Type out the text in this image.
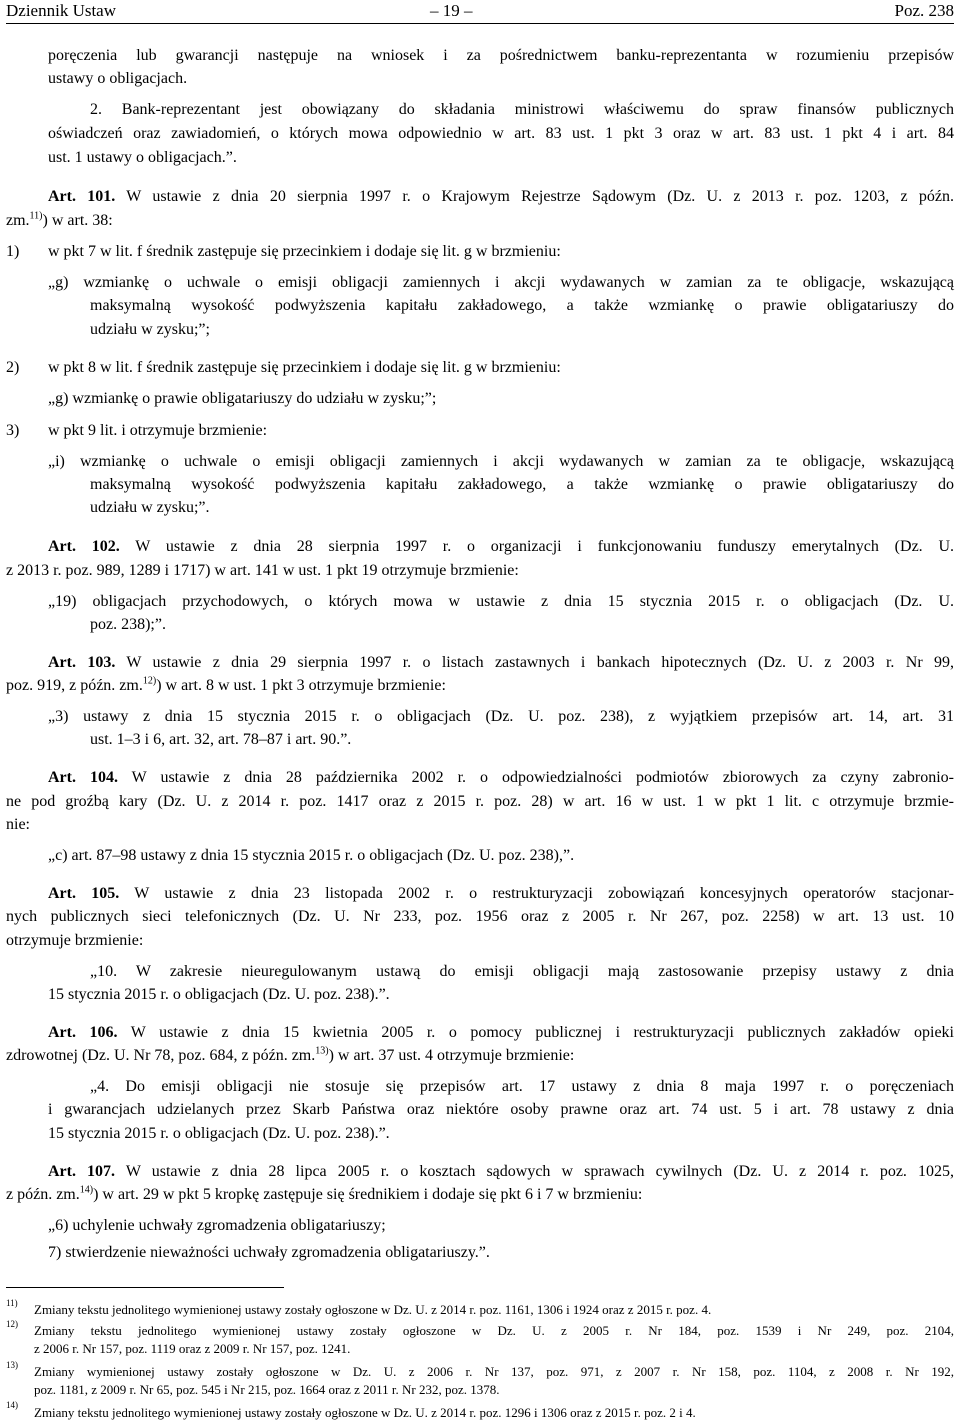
Dziennik Ustaw	– 19 –	Poz. 238
poręczenia lub gwarancji następuje na wniosek i za pośrednictwem banku-reprezentanta w rozumieniu przepisów
ustawy o obligacjach.
2. Bank-reprezentant jest obowiązany do składania ministrowi właściwemu do spraw finansów publicznych
oświadczeń oraz zawiadomień, o których mowa odpowiednio w art. 83 ust. 1 pkt 3 oraz w art. 83 ust. 1 pkt 4 i art. 84
ust. 1 ustawy o obligacjach.”.
Art. 101. W ustawie z dnia 20 sierpnia 1997 r. o Krajowym Rejestrze Sądowym (Dz. U. z 2013 r. poz. 1203, z późn.
zm.$^{11)}$) w art. 38:
1) w pkt 7 w lit. f średnik zastępuje się przecinkiem i dodaje się lit. g w brzmieniu:
„g) wzmiankę o uchwale o emisji obligacji zamiennych i akcji wydawanych w zamian za te obligacje, wskazującą
maksymalną wysokość podwyższenia kapitału zakładowego, a także wzmiankę o prawie obligatariuszy do
udziału w zysku;”;
2) w pkt 8 w lit. f średnik zastępuje się przecinkiem i dodaje się lit. g w brzmieniu:
„g) wzmiankę o prawie obligatariuszy do udziału w zysku;”;
3) w pkt 9 lit. i otrzymuje brzmienie:
„i) wzmiankę o uchwale o emisji obligacji zamiennych i akcji wydawanych w zamian za te obligacje, wskazującą
maksymalną wysokość podwyższenia kapitału zakładowego, a także wzmiankę o prawie obligatariuszy do
udziału w zysku;”.
Art. 102. W ustawie z dnia 28 sierpnia 1997 r. o organizacji i funkcjonowaniu funduszy emerytalnych (Dz. U.
z 2013 r. poz. 989, 1289 i 1717) w art. 141 w ust. 1 pkt 19 otrzymuje brzmienie:
„19) obligacjach przychodowych, o których mowa w ustawie z dnia 15 stycznia 2015 r. o obligacjach (Dz. U.
poz. 238);”.
Art. 103. W ustawie z dnia 29 sierpnia 1997 r. o listach zastawnych i bankach hipotecznych (Dz. U. z 2003 r. Nr 99,
poz. 919, z późn. zm.$^{12)}$) w art. 8 w ust. 1 pkt 3 otrzymuje brzmienie:
„3) ustawy z dnia 15 stycznia 2015 r. o obligacjach (Dz. U. poz. 238), z wyjątkiem przepisów art. 14, art. 31
ust. 1–3 i 6, art. 32, art. 78–87 i art. 90.”.
Art. 104. W ustawie z dnia 28 października 2002 r. o odpowiedzialności podmiotów zbiorowych za czyny zabronio-
ne pod groźbą kary (Dz. U. z 2014 r. poz. 1417 oraz z 2015 r. poz. 28) w art. 16 w ust. 1 w pkt 1 lit. c otrzymuje brzmie-
nie:
„c) art. 87–98 ustawy z dnia 15 stycznia 2015 r. o obligacjach (Dz. U. poz. 238),”.
Art. 105. W ustawie z dnia 23 listopada 2002 r. o restrukturyzacji zobowiązań koncesyjnych operatorów stacjonar-
nych publicznych sieci telefonicznych (Dz. U. Nr 233, poz. 1956 oraz z 2005 r. Nr 267, poz. 2258) w art. 13 ust. 10
otrzymuje brzmienie:
„10. W zakresie nieuregulowanym ustawą do emisji obligacji mają zastosowanie przepisy ustawy z dnia
15 stycznia 2015 r. o obligacjach (Dz. U. poz. 238).”.
Art. 106. W ustawie z dnia 15 kwietnia 2005 r. o pomocy publicznej i restrukturyzacji publicznych zakładów opieki
zdrowotnej (Dz. U. Nr 78, poz. 684, z późn. zm.$^{13)}$) w art. 37 ust. 4 otrzymuje brzmienie:
„4. Do emisji obligacji nie stosuje się przepisów art. 17 ustawy z dnia 8 maja 1997 r. o poręczeniach
i gwarancjach udzielanych przez Skarb Państwa oraz niektóre osoby prawne oraz art. 74 ust. 5 i art. 78 ustawy z dnia
15 stycznia 2015 r. o obligacjach (Dz. U. poz. 238).”.
Art. 107. W ustawie z dnia 28 lipca 2005 r. o kosztach sądowych w sprawach cywilnych (Dz. U. z 2014 r. poz. 1025,
z późn. zm.$^{14)}$) w art. 29 w pkt 5 kropkę zastępuje się średnikiem i dodaje się pkt 6 i 7 w brzmieniu:
„6) uchylenie uchwały zgromadzenia obligatariuszy;
7) stwierdzenie nieważności uchwały zgromadzenia obligatariuszy.”.
11) Zmiany tekstu jednolitego wymienionej ustawy zostały ogłoszone w Dz. U. z 2014 r. poz. 1161, 1306 i 1924 oraz z 2015 r. poz. 4.
12) Zmiany tekstu jednolitego wymienionej ustawy zostały ogłoszone w Dz. U. z 2005 r. Nr 184, poz. 1539 i Nr 249, poz. 2104,
z 2006 r. Nr 157, poz. 1119 oraz z 2009 r. Nr 157, poz. 1241.
13) Zmiany wymienionej ustawy zostały ogłoszone w Dz. U. z 2006 r. Nr 137, poz. 971, z 2007 r. Nr 158, poz. 1104, z 2008 r. Nr 192,
poz. 1181, z 2009 r. Nr 65, poz. 545 i Nr 215, poz. 1664 oraz z 2011 r. Nr 232, poz. 1378.
14) Zmiany tekstu jednolitego wymienionej ustawy zostały ogłoszone w Dz. U. z 2014 r. poz. 1296 i 1306 oraz z 2015 r. poz. 2 i 4.
